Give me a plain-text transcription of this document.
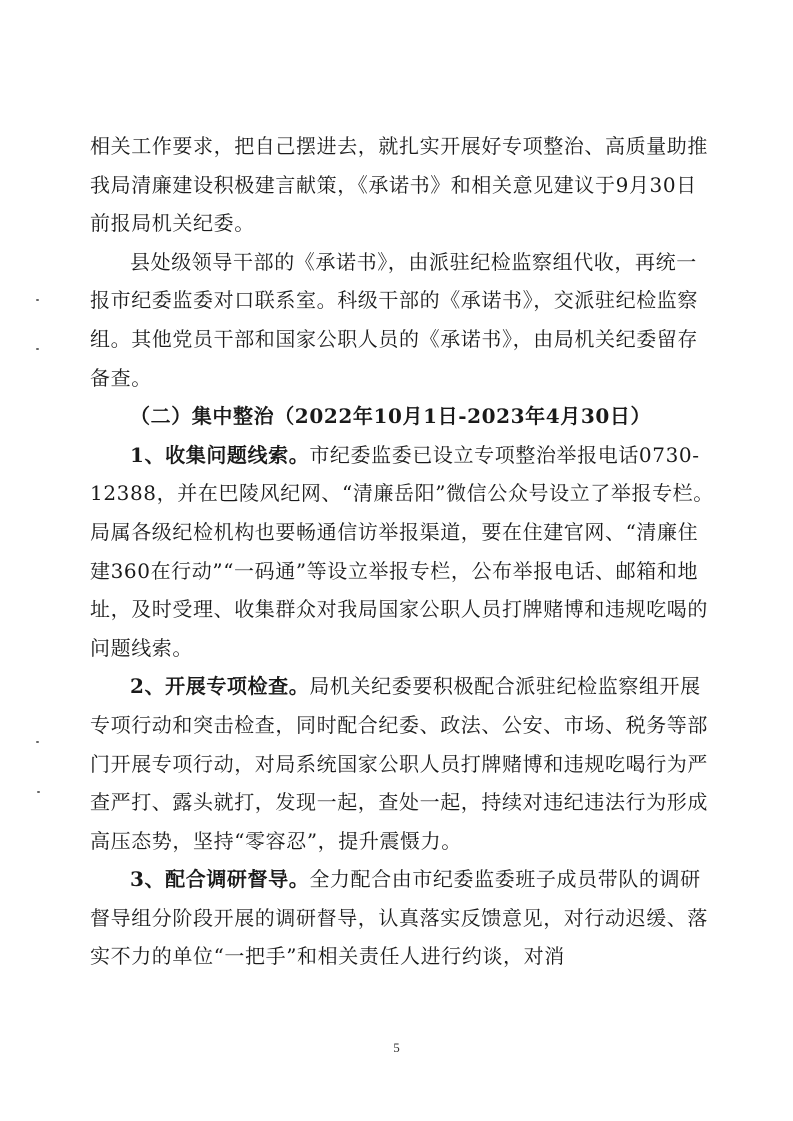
相关工作要求，把自己摆进去，就扎实开展好专项整治、高质量助推我局清廉建设积极建言献策，《承诺书》和相关意见建议于9月30日前报局机关纪委。

县处级领导干部的《承诺书》，由派驻纪检监察组代收，再统一报市纪委监委对口联系室。科级干部的《承诺书》，交派驻纪检监察组。其他党员干部和国家公职人员的《承诺书》，由局机关纪委留存备查。

（二）集中整治（2022年10月1日-2023年4月30日）

1、收集问题线索。市纪委监委已设立专项整治举报电话0730-12388，并在巴陵风纪网、“清廉岳阳”微信公众号设立了举报专栏。局属各级纪检机构也要畅通信访举报渠道，要在住建官网、“清廉住建360在行动”“一码通”等设立举报专栏，公布举报电话、邮箱和地址，及时受理、收集群众对我局国家公职人员打牌赌博和违规吃喝的问题线索。

2、开展专项检查。局机关纪委要积极配合派驻纪检监察组开展专项行动和突击检查，同时配合纪委、政法、公安、市场、税务等部门开展专项行动，对局系统国家公职人员打牌赌博和违规吃喝行为严查严打、露头就打，发现一起，查处一起，持续对违纪违法行为形成高压态势，坚持“零容忍”，提升震慑力。

3、配合调研督导。全力配合由市纪委监委班子成员带队的调研督导组分阶段开展的调研督导，认真落实反馈意见，对行动迟缓、落实不力的单位“一把手”和相关责任人进行约谈，对消

5
